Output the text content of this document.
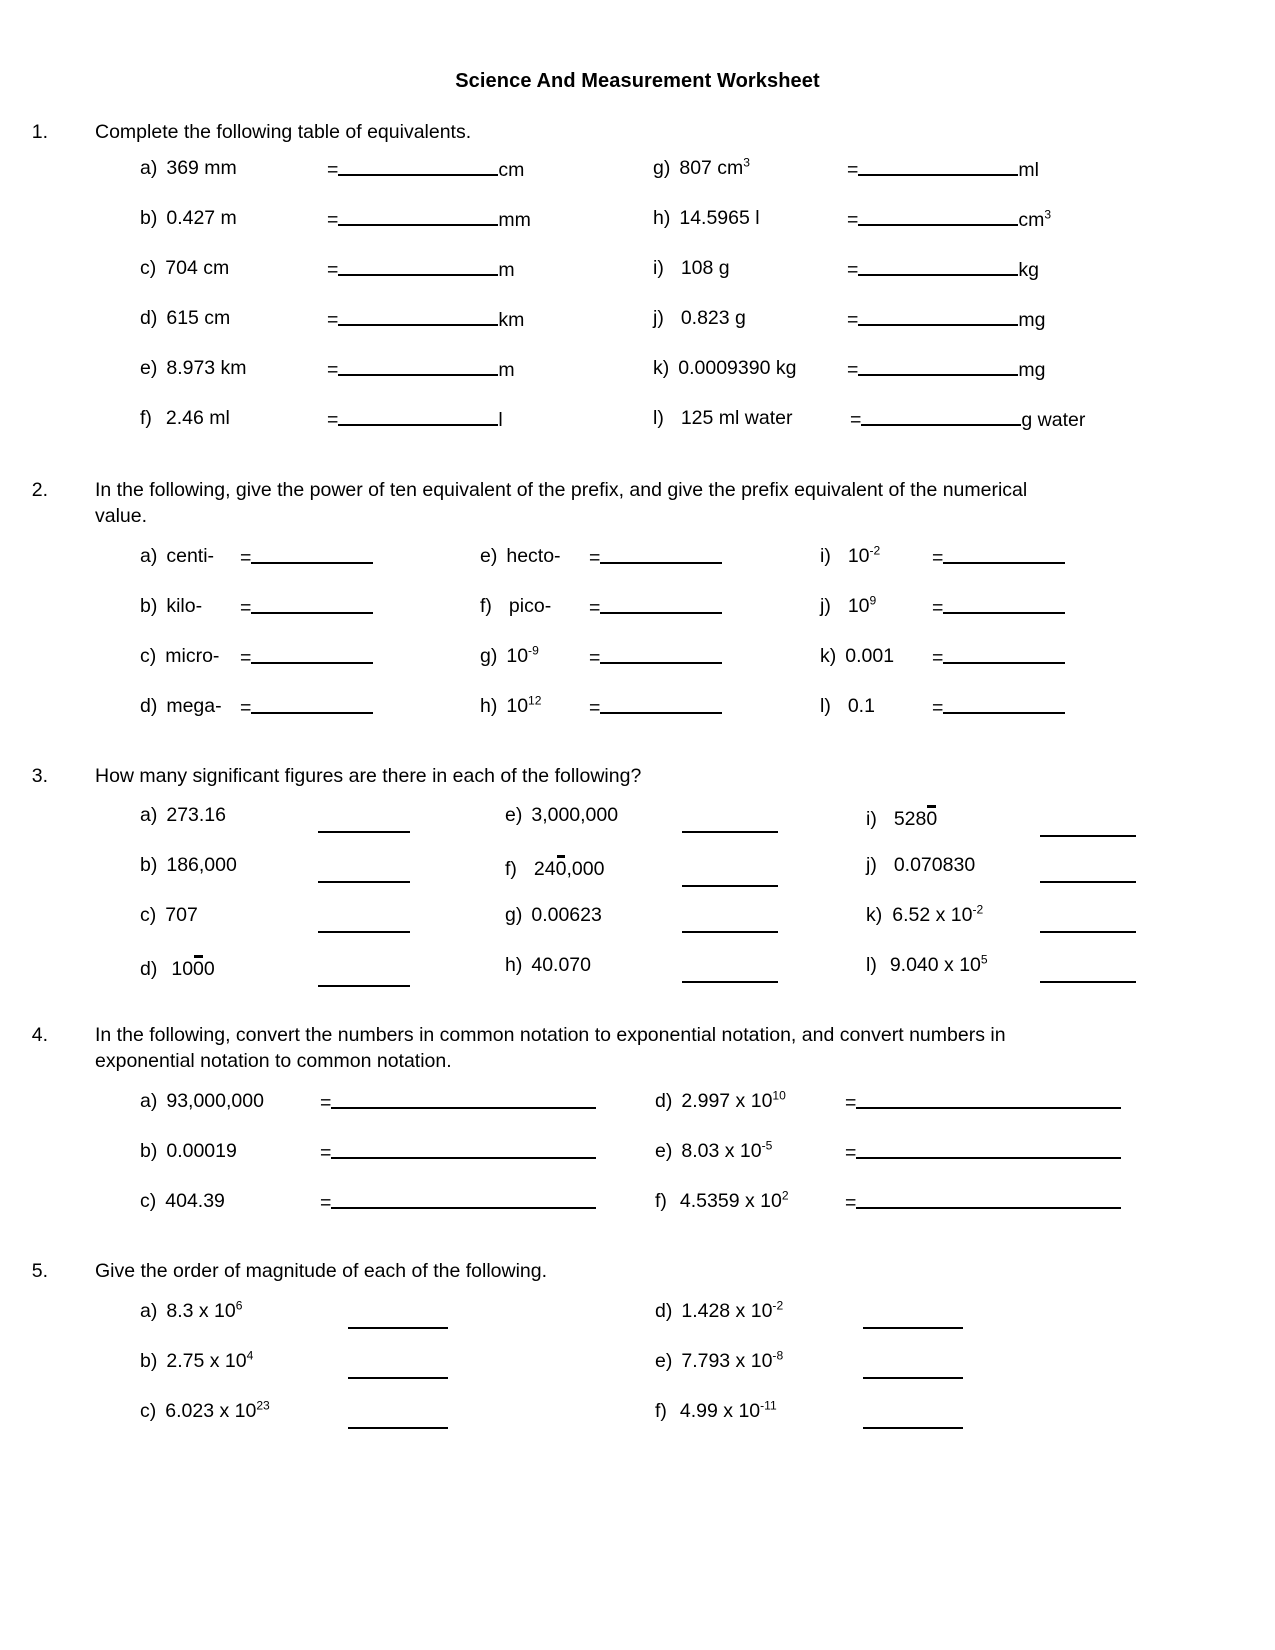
Science And Measurement Worksheet
1. Complete the following table of equivalents.
a) 369 mm	=	cm	g) 807 $cm^3$	=	ml
b) 0.427 m	=	mm	h) 14.5965 l	=	$cm^3$
c) 704 cm	=	m	i) 108 g	=	kg
d) 615 cm	=	km	j) 0.823 g	=	mg
e) 8.973 km	=	m	k) 0.0009390 kg	=	mg
f) 2.46 ml	=	l	l) 125 ml water	=	g water
2. In the following, give the power of ten equivalent of the prefix, and give the prefix equivalent of the numerical value.
a) centi- =	e) hecto- =	i) $10^{-2}$	=
b) kilo- =	f) pico- =	j) $10^9$	=
c) micro- =	g) $10^{-9}$	=	k) 0.001 =
d) mega- =	h) $10^{12}$ =	l) 0.1	=
3. How many significant figures are there in each of the following?
a) 273.16	e) 3,000,000	i) 5280
b) 186,000	f) 240,000	j) 0.070830
c) 707	g) 0.00623	k) 6.52 x $10^{-2}$
d) 1000	h) 40.070	l) 9.040 x $10^5$
4. In the following, convert the numbers in common notation to exponential notation, and convert numbers in exponential notation to common notation.
a) 93,000,000	=	d) 2.997 x $10^{10}$	=
b) 0.00019	=	e) 8.03 x $10^{-5}$	=
c) 404.39	=	f) 4.5359 x $10^2$	=
5. Give the order of magnitude of each of the following.
a) 8.3 x $10^6$	d) 1.428 x $10^{-2}$
b) 2.75 x $10^4$	e) 7.793 x $10^{-8}$
c) 6.023 x $10^{23}$	f) 4.99 x $10^{-11}$
